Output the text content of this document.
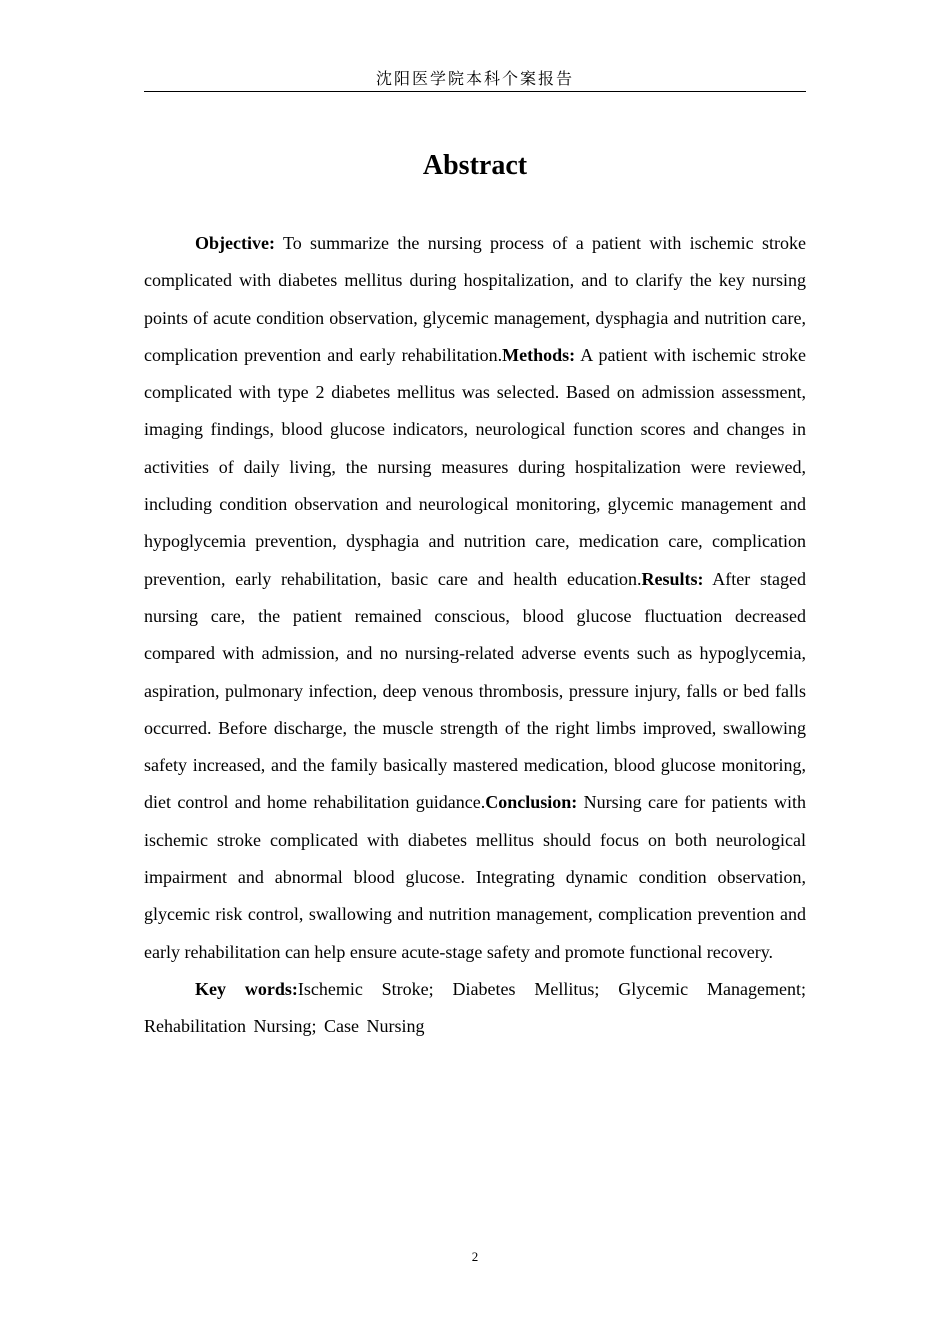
沈阳医学院本科个案报告
Abstract

Objective: To summarize the nursing process of a patient with ischemic stroke complicated with diabetes mellitus during hospitalization, and to clarify the key nursing points of acute condition observation, glycemic management, dysphagia and nutrition care, complication prevention and early rehabilitation.Methods: A patient with ischemic stroke complicated with type 2 diabetes mellitus was selected. Based on admission assessment, imaging findings, blood glucose indicators, neurological function scores and changes in activities of daily living, the nursing measures during hospitalization were reviewed, including condition observation and neurological monitoring, glycemic management and hypoglycemia prevention, dysphagia and nutrition care, medication care, complication prevention, early rehabilitation, basic care and health education.Results: After staged nursing care, the patient remained conscious, blood glucose fluctuation decreased compared with admission, and no nursing-related adverse events such as hypoglycemia, aspiration, pulmonary infection, deep venous thrombosis, pressure injury, falls or bed falls occurred. Before discharge, the muscle strength of the right limbs improved, swallowing safety increased, and the family basically mastered medication, blood glucose monitoring, diet control and home rehabilitation guidance.Conclusion: Nursing care for patients with ischemic stroke complicated with diabetes mellitus should focus on both neurological impairment and abnormal blood glucose. Integrating dynamic condition observation, glycemic risk control, swallowing and nutrition management, complication prevention and early rehabilitation can help ensure acute-stage safety and promote functional recovery.

Key words:Ischemic Stroke; Diabetes Mellitus; Glycemic Management; Rehabilitation Nursing; Case Nursing

2
